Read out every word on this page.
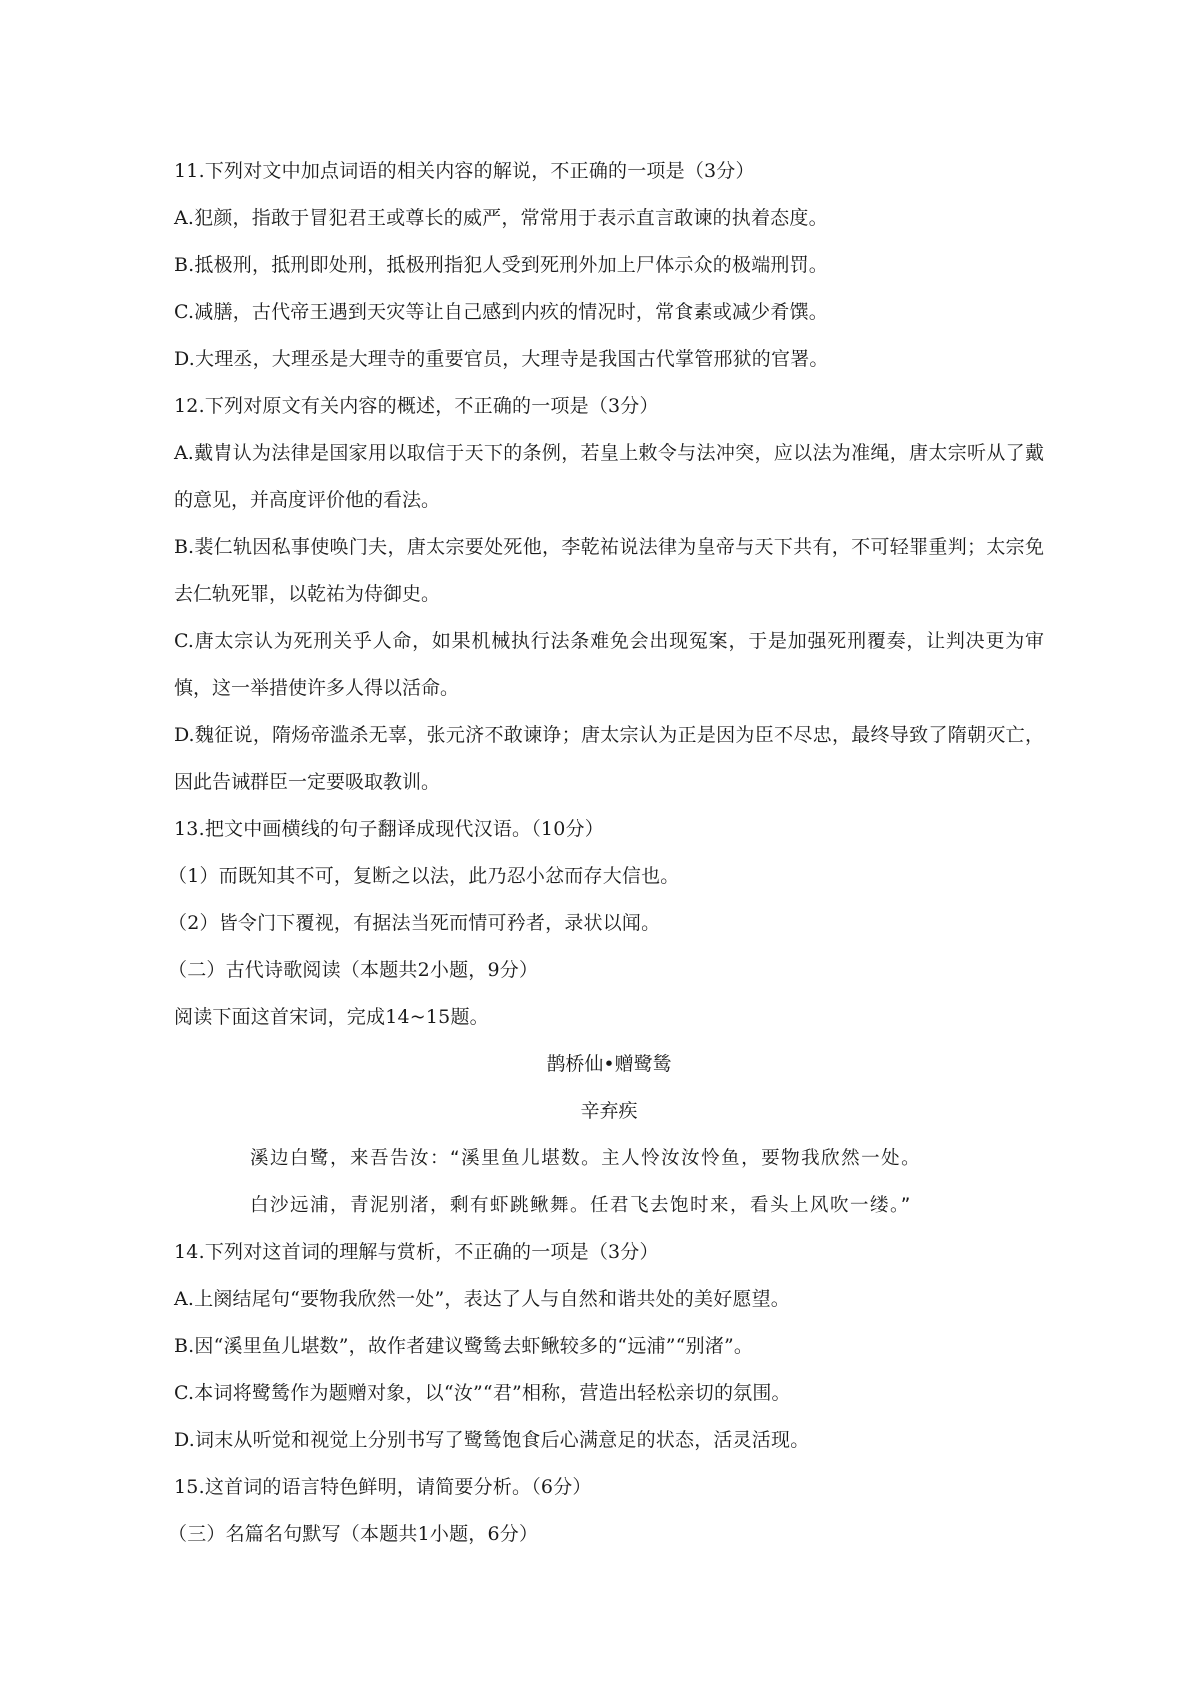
11.下列对文中加点词语的相关内容的解说，不正确的一项是（3分）
A.犯颜，指敢于冒犯君王或尊长的威严，常常用于表示直言敢谏的执着态度。
B.抵极刑，抵刑即处刑，抵极刑指犯人受到死刑外加上尸体示众的极端刑罚。
C.减膳，古代帝王遇到天灾等让自己感到内疚的情况时，常食素或减少肴馔。
D.大理丞，大理丞是大理寺的重要官员，大理寺是我国古代掌管邢狱的官署。
12.下列对原文有关内容的概述，不正确的一项是（3分）
A.戴胄认为法律是国家用以取信于天下的条例，若皇上敕令与法冲突，应以法为准绳，唐太宗听从了戴的意见，并高度评价他的看法。
B.裴仁轨因私事使唤门夫，唐太宗要处死他，李乾祐说法律为皇帝与天下共有，不可轻罪重判；太宗免去仁轨死罪，以乾祐为侍御史。
C.唐太宗认为死刑关乎人命，如果机械执行法条难免会出现冤案，于是加强死刑覆奏，让判决更为审慎，这一举措使许多人得以活命。
D.魏征说，隋炀帝滥杀无辜，张元济不敢谏诤；唐太宗认为正是因为臣不尽忠，最终导致了隋朝灭亡，因此告诫群臣一定要吸取教训。
13.把文中画横线的句子翻译成现代汉语。（10分）
（1）而既知其不可，复断之以法，此乃忍小忿而存大信也。
（2）皆令门下覆视，有据法当死而情可矜者，录状以闻。
（二）古代诗歌阅读（本题共2小题，9分）
阅读下面这首宋词，完成14~15题。
鹊桥仙•赠鹭鸶
辛弃疾
溪边白鹭，来吾告汝：“溪里鱼儿堪数。主人怜汝汝怜鱼，要物我欣然一处。
白沙远浦，青泥别渚，剩有虾跳鳅舞。任君飞去饱时来，看头上风吹一缕。”
14.下列对这首词的理解与赏析，不正确的一项是（3分）
A.上阕结尾句“要物我欣然一处”，表达了人与自然和谐共处的美好愿望。
B.因“溪里鱼儿堪数”，故作者建议鹭鸶去虾鳅较多的“远浦”“别渚”。
C.本词将鹭鸶作为题赠对象，以“汝”“君”相称，营造出轻松亲切的氛围。
D.词末从听觉和视觉上分别书写了鹭鸶饱食后心满意足的状态，活灵活现。
15.这首词的语言特色鲜明，请简要分析。（6分）
（三）名篇名句默写（本题共1小题，6分）
